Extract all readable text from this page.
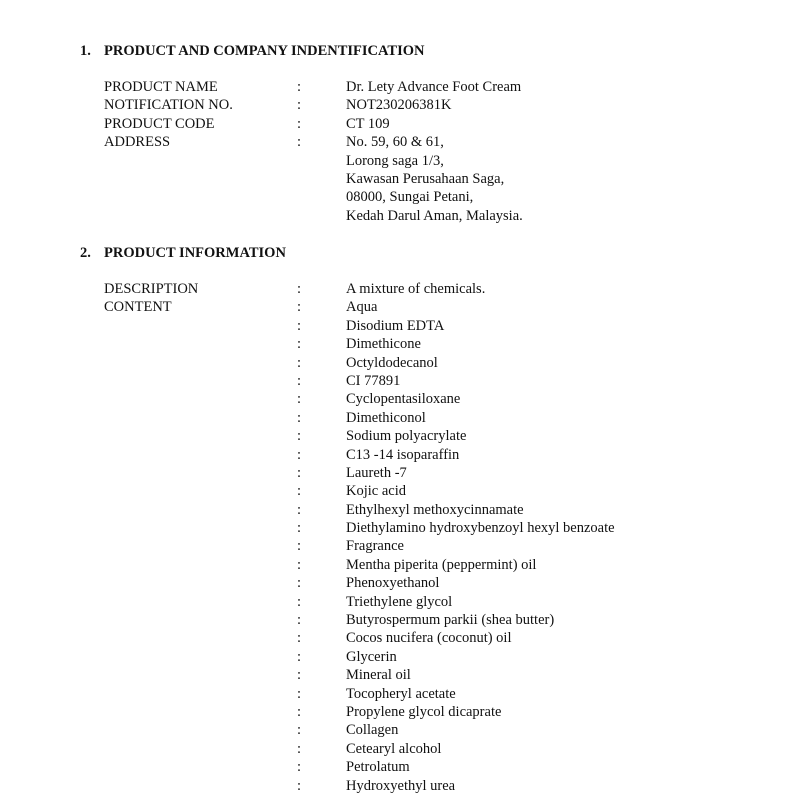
1. PRODUCT AND COMPANY INDENTIFICATION
PRODUCT NAME	:	Dr. Lety Advance Foot Cream
NOTIFICATION NO.	:	NOT230206381K
PRODUCT CODE	:	CT 109
ADDRESS	:	No. 59, 60 & 61,
Lorong saga 1/3,
Kawasan Perusahaan Saga,
08000, Sungai Petani,
Kedah Darul Aman, Malaysia.
2. PRODUCT INFORMATION
DESCRIPTION	:	A mixture of chemicals.
CONTENT	:	Aqua
:	Disodium EDTA
:	Dimethicone
:	Octyldodecanol
:	CI 77891
:	Cyclopentasiloxane
:	Dimethiconol
:	Sodium polyacrylate
:	C13 -14 isoparaffin
:	Laureth -7
:	Kojic acid
:	Ethylhexyl methoxycinnamate
:	Diethylamino hydroxybenzoyl hexyl benzoate
:	Fragrance
:	Mentha piperita (peppermint) oil
:	Phenoxyethanol
:	Triethylene glycol
:	Butyrospermum parkii (shea butter)
:	Cocos nucifera (coconut) oil
:	Glycerin
:	Mineral oil
:	Tocopheryl acetate
:	Propylene glycol dicaprate
:	Collagen
:	Cetearyl alcohol
:	Petrolatum
:	Hydroxyethyl urea
